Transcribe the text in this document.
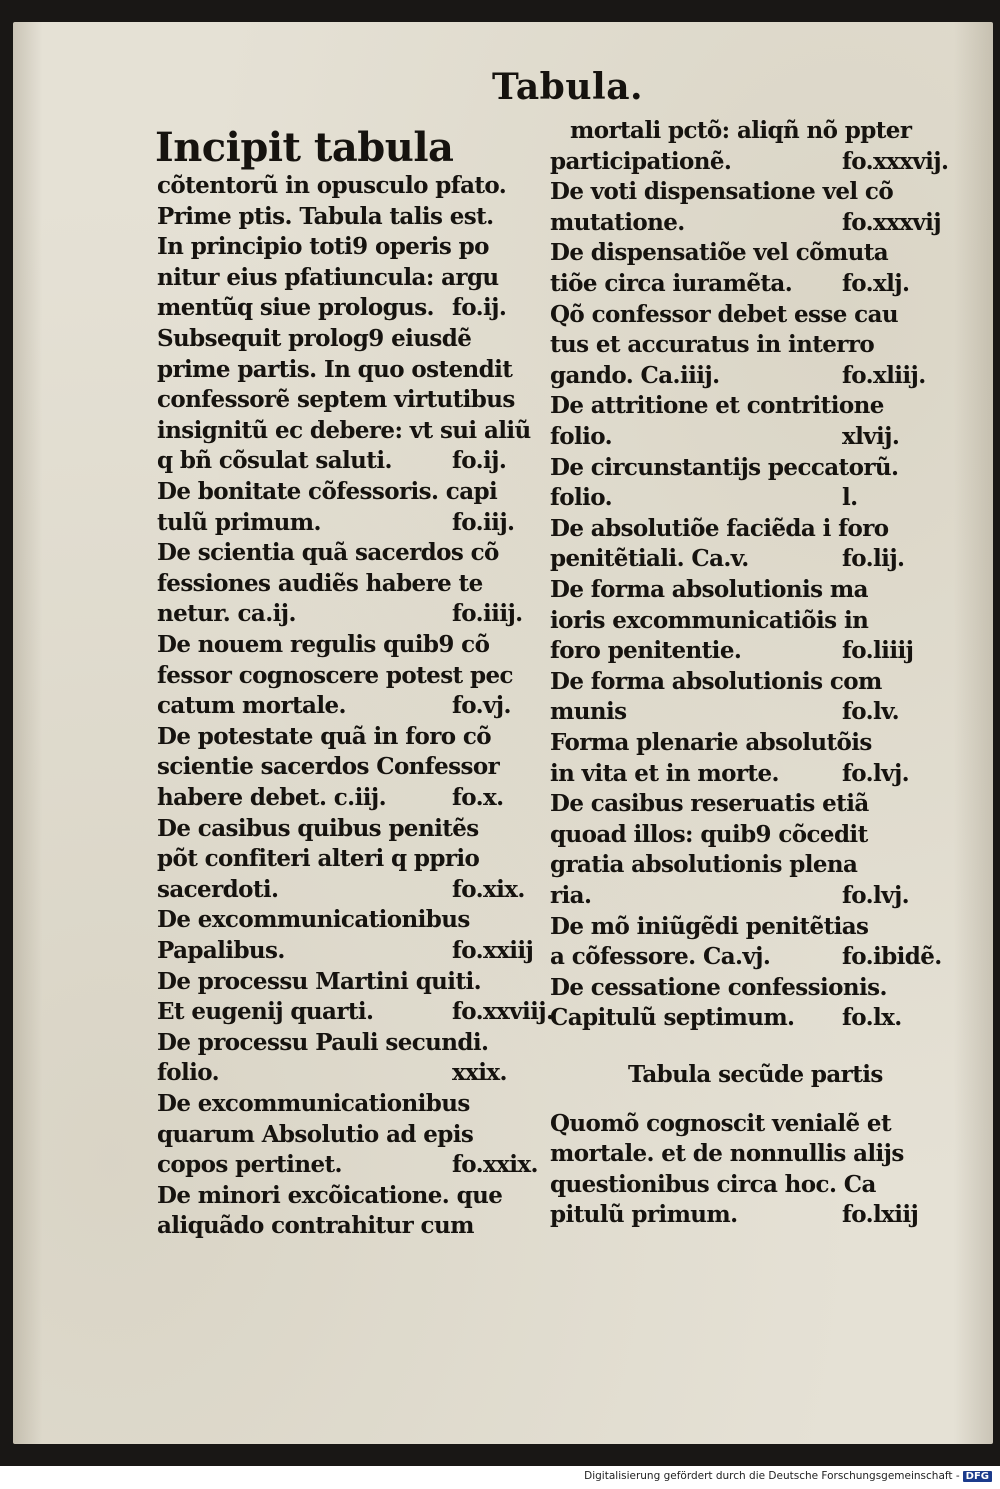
Tabula.
Incipit tabula
cõtentorũ in opusculo pfato.
Prime ptis. Tabula talis est.
In principio toti9 operis po
nitur eius pfatiuncula: argu
mentũq siue prologus. fo.ij.
Subsequit prolog9 eiusdẽ
prime partis. In quo ostendit
confessorẽ septem virtutibus
insignitũ ec debere: vt sui aliũ
q bñ cõsulat saluti.	fo.ij.
De bonitate cõfessoris. capi
tulũ primum.	fo.iij.
De scientia quã sacerdos cõ
fessiones audiẽs habere te
netur. ca.ij.	fo.iiij.
De nouem regulis quib9 cõ
fessor cognoscere potest pec
catum mortale.	fo.vj.
De potestate quã in foro cõ
scientie sacerdos Confessor
habere debet. c.iij.	fo.x.
De casibus quibus penitẽs
põt confiteri alteri q pprio
sacerdoti.	fo.xix.
De excommunicationibus
Papalibus.	fo.xxiij
De processu Martini quiti.
Et eugenij quarti.	fo.xxviij.
De processu Pauli secundi.
folio.	xxix.
De excommunicationibus
quarum Absolutio ad epis
copos pertinet.	fo.xxix.
De minori excõicatione. que
aliquãdo contrahitur cum
mortali pctõ: aliqñ nõ ppter
participationẽ.	fo.xxxvij.
De voti dispensatione vel cõ
mutatione.	fo.xxxvij
De dispensatiõe vel cõmuta
tiõe circa iuramẽta. fo.xlj.
Qõ confessor debet esse cau
tus et accuratus in interro
gando. Ca.iiij.	fo.xliij.
De attritione et contritione
folio.	xlvij.
De circunstantijs peccatorũ.
folio.	l.
De absolutiõe faciẽda i foro
penitẽtiali. Ca.v.	fo.lij.
De forma absolutionis ma
ioris excommunicatiõis in
foro penitentie.	fo.liiij
De forma absolutionis com
munis	fo.lv.
Forma plenarie absolutõis
in vita et in morte.	fo.lvj.
De casibus reseruatis etiã
quoad illos: quib9 cõcedit
gratia absolutionis plena
ria.	fo.lvj.
De mõ iniũgẽdi penitẽtias
a cõfessore. Ca.vj.	fo.ibidẽ.
De cessatione confessionis.
Capitulũ septimum. fo.lx.
Tabula secũde partis
Quomõ cognoscit venialẽ et
mortale. et de nonnullis alijs
questionibus circa hoc. Ca
pitulũ primum.	fo.lxiij
Digitalisierung gefördert durch die Deutsche Forschungsgemeinschaft - DFG
